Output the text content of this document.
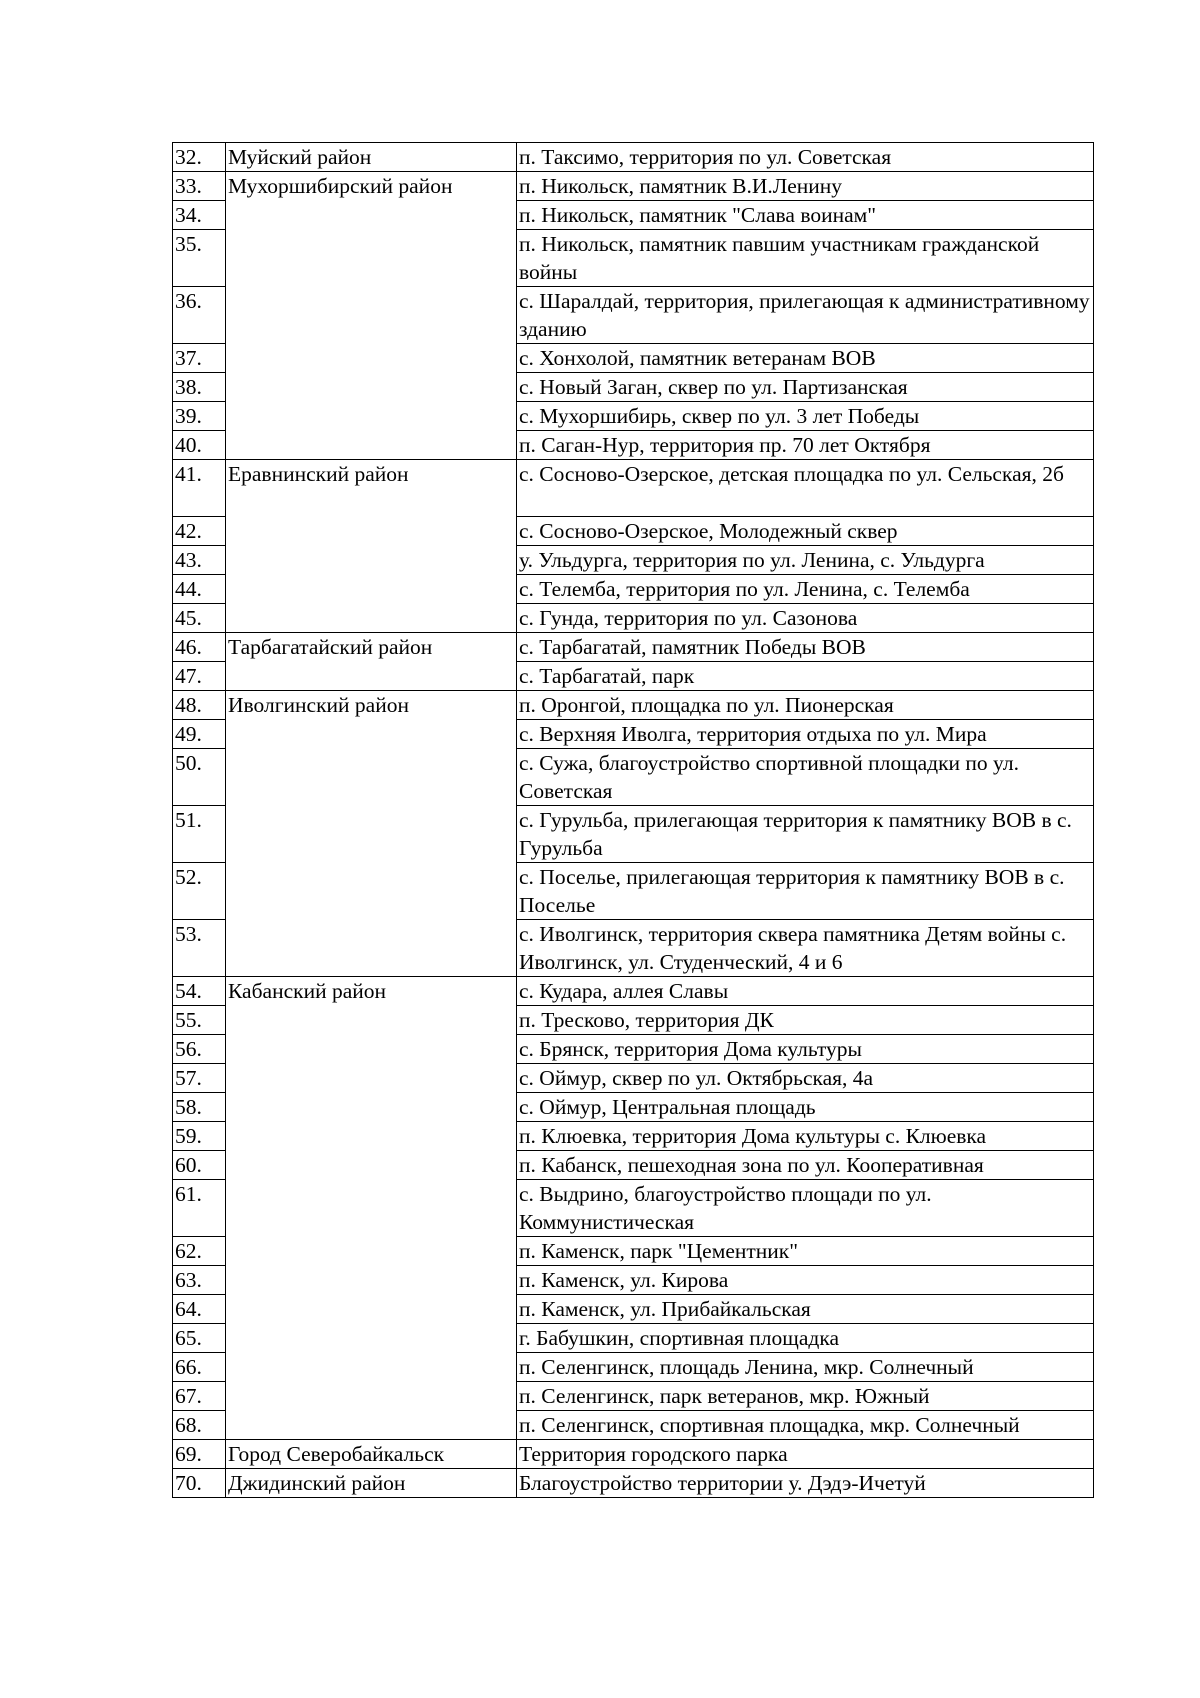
32.	Муйский район	п. Таксимо, территория по ул. Советская
33.	Мухоршибирский район	п. Никольск, памятник В.И.Ленину
34.		п. Никольск, памятник "Слава воинам"
35.		п. Никольск, памятник павшим участникам гражданской войны
36.		с. Шаралдай, территория, прилегающая к административному зданию
37.		с. Хонхолой, памятник ветеранам ВОВ
38.		с. Новый Заган, сквер по ул. Партизанская
39.		с. Мухоршибирь, сквер по ул. 3 лет Победы
40.		п. Саган-Нур, территория пр. 70 лет Октября
41.	Еравнинский район	с. Сосново-Озерское, детская площадка по ул. Сельская, 2б
42.		с. Сосново-Озерское, Молодежный сквер
43.		у. Ульдурга, территория по ул. Ленина, с. Ульдурга
44.		с. Телемба, территория по ул. Ленина, с. Телемба
45.		с. Гунда, территория по ул. Сазонова
46.	Тарбагатайский район	с. Тарбагатай, памятник Победы ВОВ
47.		с. Тарбагатай, парк
48.	Иволгинский район	п. Оронгой, площадка по ул. Пионерская
49.		с. Верхняя Иволга, территория отдыха по ул. Мира
50.		с. Сужа, благоустройство спортивной площадки по ул. Советская
51.		с. Гурульба, прилегающая территория к памятнику ВОВ в с. Гурульба
52.		с. Поселье, прилегающая территория к памятнику ВОВ в с. Поселье
53.		с. Иволгинск, территория сквера памятника Детям войны с. Иволгинск, ул. Студенческий, 4 и 6
54.	Кабанский район	с. Кудара, аллея Славы
55.		п. Тресково, территория ДК
56.		с. Брянск, территория Дома культуры
57.		с. Оймур, сквер по ул. Октябрьская, 4а
58.		с. Оймур, Центральная площадь
59.		п. Клюевка, территория Дома культуры с. Клюевка
60.		п. Кабанск, пешеходная зона по ул. Кооперативная
61.		с. Выдрино, благоустройство площади по ул. Коммунистическая
62.		п. Каменск, парк "Цементник"
63.		п. Каменск, ул. Кирова
64.		п. Каменск, ул. Прибайкальская
65.		г. Бабушкин, спортивная площадка
66.		п. Селенгинск, площадь Ленина, мкр. Солнечный
67.		п. Селенгинск, парк ветеранов, мкр. Южный
68.		п. Селенгинск, спортивная площадка, мкр. Солнечный
69.	Город Северобайкальск	Территория городского парка
70.	Джидинский район	Благоустройство территории у. Дэдэ-Ичетуй
